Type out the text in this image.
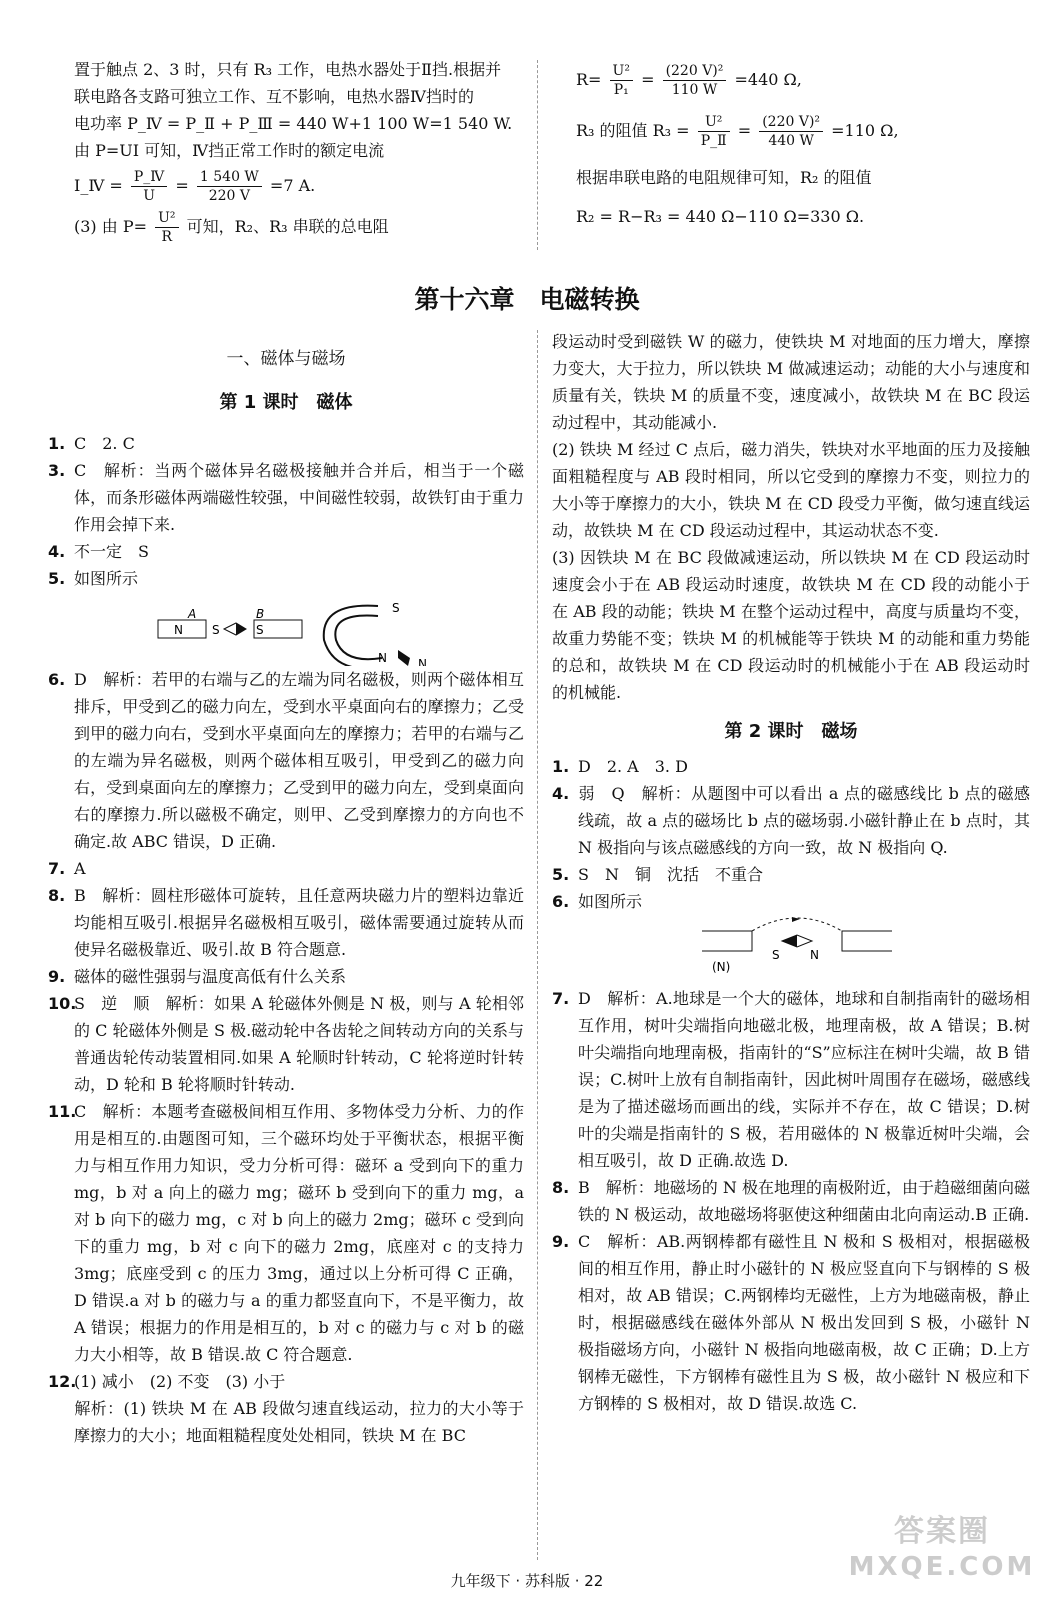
置于触点 2、3 时，只有 R₃ 工作，电热水器处于Ⅱ挡.根据并

联电路各支路可独立工作、互不影响，电热水器Ⅳ挡时的

电功率 P_Ⅳ = P_Ⅱ + P_Ⅲ = 440 W+1 100 W=1 540 W.

由 P=UI 可知，Ⅳ挡正常工作时的额定电流

I_Ⅳ = $\frac{\text{P\_Ⅳ}}{U} = \frac{1 540 W}{220 V} =7$ A.
(3) 由 $P= \frac{\text{U²}}{R}$ 可知，R₂、R₃ 串联的总电阻
$R= \frac{\text{U²}}{\text{P₁}} = \frac{\text{(220 V)²}}{110 W} =440$ Ω,
R₃ 的阻值 $R_3 = \frac{\text{U²}}{\text{P\_Ⅱ}} = \frac{\text{(220 V)²}}{440 W} =110$ Ω,

根据串联电路的电阻规律可知，R₂ 的阻值

R₂ = R−R₃ = 440 Ω−110 Ω=330 Ω.

第十六章　电磁转换

一、磁体与磁场

第 1 课时　磁体

1. C　2. C

3. C　解析：当两个磁体异名磁极接触并合并后，相当于一个磁体，而条形磁体两端磁性较强，中间磁性较弱，故铁钉由于重力作用会掉下来.

4. 不一定　S

5. 如图所示

A	B
N S	S
S
N	N

6. D　解析：若甲的右端与乙的左端为同名磁极，则两个磁体相互排斥，甲受到乙的磁力向左，受到水平桌面向右的摩擦力；乙受到甲的磁力向右，受到水平桌面向左的摩擦力；若甲的右端与乙的左端为异名磁极，则两个磁体相互吸引，甲受到乙的磁力向右，受到桌面向左的摩擦力；乙受到甲的磁力向左，受到桌面向右的摩擦力.所以磁极不确定，则甲、乙受到摩擦力的方向也不确定.故 ABC 错误，D 正确.

7. A

8. B　解析：圆柱形磁体可旋转，且任意两块磁力片的塑料边靠近均能相互吸引.根据异名磁极相互吸引，磁体需要通过旋转从而使异名磁极靠近、吸引.故 B 符合题意.

9. 磁体的磁性强弱与温度高低有什么关系

10.S　逆　顺　解析：如果 A 轮磁体外侧是 N 极，则与 A 轮相邻的 C 轮磁体外侧是 S 极.磁动轮中各齿轮之间转动方向的关系与普通齿轮传动装置相同.如果 A 轮顺时针转动，C 轮将逆时针转动，D 轮和 B 轮将顺时针转动.

11.C　解析：本题考查磁极间相互作用、多物体受力分析、力的作用是相互的.由题图可知，三个磁环均处于平衡状态，根据平衡力与相互作用力知识，受力分析可得：磁环 a 受到向下的重力 mg，b 对 a 向上的磁力 mg；磁环 b 受到向下的重力 mg，a 对 b 向下的磁力 mg，c 对 b 向上的磁力 2mg；磁环 c 受到向下的重力 mg，b 对 c 向下的磁力 2mg，底座对 c 的支持力 3mg；底座受到 c 的压力 3mg，通过以上分析可得 C 正确，D 错误.a 对 b 的磁力与 a 的重力都竖直向下，不是平衡力，故 A 错误；根据力的作用是相互的，b 对 c 的磁力与 c 对 b 的磁力大小相等，故 B 错误.故 C 符合题意.

12.(1) 减小　(2) 不变　(3) 小于

解析：(1) 铁块 M 在 AB 段做匀速直线运动，拉力的大小等于摩擦力的大小；地面粗糙程度处处相同，铁块 M 在 BC

段运动时受到磁铁 W 的磁力，使铁块 M 对地面的压力增大，摩擦力变大，大于拉力，所以铁块 M 做减速运动；动能的大小与速度和质量有关，铁块 M 的质量不变，速度减小，故铁块 M 在 BC 段运动过程中，其动能减小.

(2) 铁块 M 经过 C 点后，磁力消失，铁块对水平地面的压力及接触面粗糙程度与 AB 段时相同，所以它受到的摩擦力不变，则拉力的大小等于摩擦力的大小，铁块 M 在 CD 段受力平衡，做匀速直线运动，故铁块 M 在 CD 段运动过程中，其运动状态不变.

(3) 因铁块 M 在 BC 段做减速运动，所以铁块 M 在 CD 段运动时速度会小于在 AB 段运动时速度，故铁块 M 在 CD 段的动能小于在 AB 段的动能；铁块 M 在整个运动过程中，高度与质量均不变，故重力势能不变；铁块 M 的机械能等于铁块 M 的动能和重力势能的总和，故铁块 M 在 CD 段运动时的机械能小于在 AB 段运动时的机械能.

第 2 课时　磁场

1. D　2. A　3. D

4. 弱　Q　解析：从题图中可以看出 a 点的磁感线比 b 点的磁感线疏，故 a 点的磁场比 b 点的磁场弱.小磁针静止在 b 点时，其 N 极指向与该点磁感线的方向一致，故 N 极指向 Q.

5. S　N　铜　沈括　不重合

6. 如图所示

(N)
S	N

7. D　解析：A.地球是一个大的磁体，地球和自制指南针的磁场相互作用，树叶尖端指向地磁北极，地理南极，故 A 错误；B.树叶尖端指向地理南极，指南针的“S”应标注在树叶尖端，故 B 错误；C.树叶上放有自制指南针，因此树叶周围存在磁场，磁感线是为了描述磁场而画出的线，实际并不存在，故 C 错误；D.树叶的尖端是指南针的 S 极，若用磁体的 N 极靠近树叶尖端，会相互吸引，故 D 正确.故选 D.

8. B　解析：地磁场的 N 极在地理的南极附近，由于趋磁细菌向磁铁的 N 极运动，故地磁场将驱使这种细菌由北向南运动.B 正确.

9. C　解析：AB.两钢棒都有磁性且 N 极和 S 极相对，根据磁极间的相互作用，静止时小磁针的 N 极应竖直向下与钢棒的 S 极相对，故 AB 错误；C.两钢棒均无磁性，上方为地磁南极，静止时，根据磁感线在磁体外部从 N 极出发回到 S 极，小磁针 N 极指磁场方向，小磁针 N 极指向地磁南极，故 C 正确；D.上方钢棒无磁性，下方钢棒有磁性且为 S 极，故小磁针 N 极应和下方钢棒的 S 极相对，故 D 错误.故选 C.

九年级下 · 苏科版 · 22
答案圈
MXQE.COM
